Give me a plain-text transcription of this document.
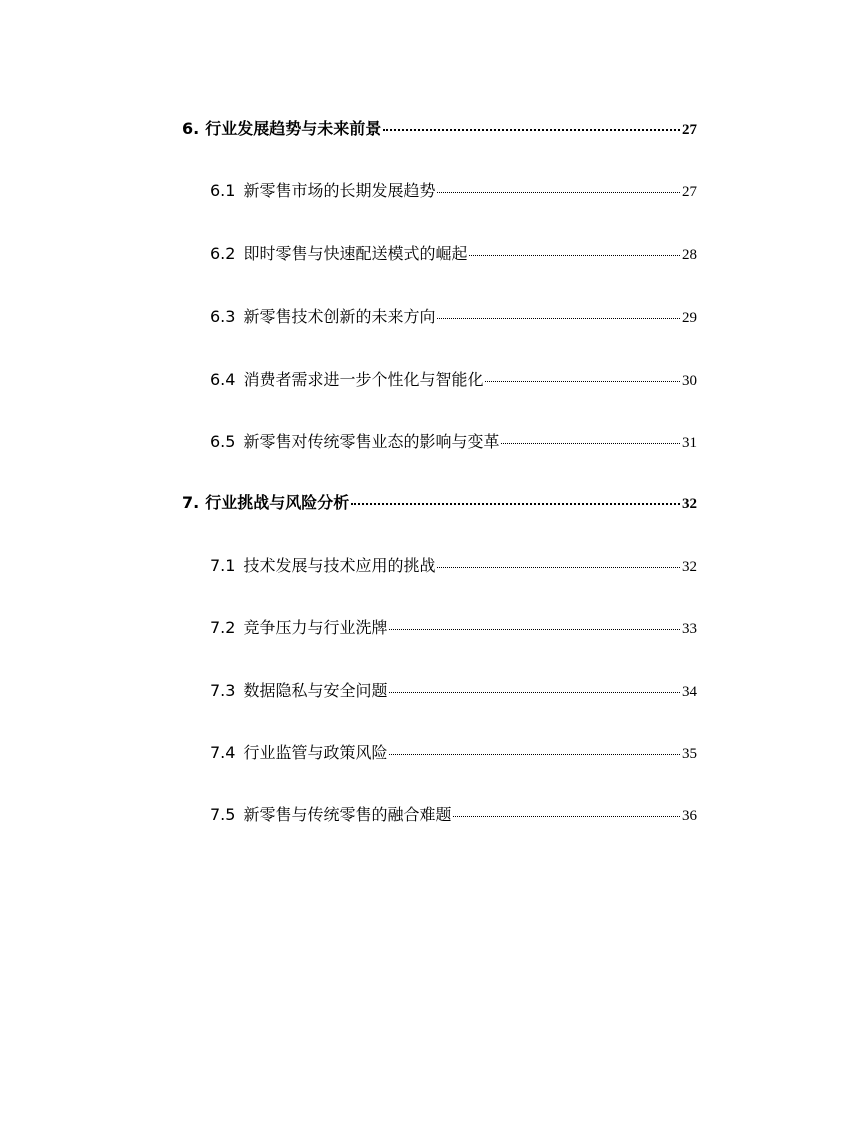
6. 行业发展趋势与未来前景	27
6.1 新零售市场的长期发展趋势	27
6.2 即时零售与快速配送模式的崛起	28
6.3 新零售技术创新的未来方向	29
6.4 消费者需求进一步个性化与智能化	30
6.5 新零售对传统零售业态的影响与变革	31
7. 行业挑战与风险分析	32
7.1 技术发展与技术应用的挑战	32
7.2 竞争压力与行业洗牌	33
7.3 数据隐私与安全问题	34
7.4 行业监管与政策风险	35
7.5 新零售与传统零售的融合难题	36
